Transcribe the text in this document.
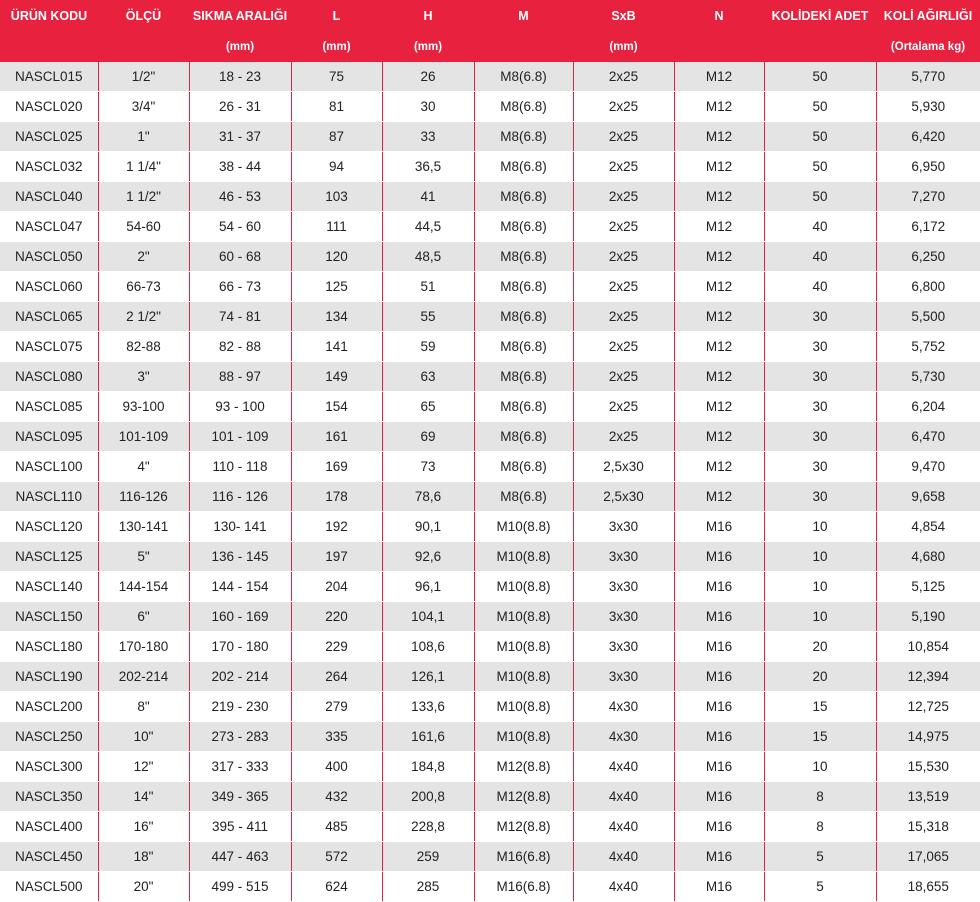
ÜRÜN KODU	ÖLÇÜ	SIKMA ARALIĞI	L	H	M	SxB	N	KOLİDEKİ ADET	KOLİ AĞIRLIĞI
		(mm)	(mm)	(mm)		(mm)			(Ortalama kg)
NASCL015	1/2"	18 - 23	75	26	M8(6.8)	2x25	M12	50	5,770
NASCL020	3/4"	26 - 31	81	30	M8(6.8)	2x25	M12	50	5,930
NASCL025	1"	31 - 37	87	33	M8(6.8)	2x25	M12	50	6,420
NASCL032	1 1/4"	38 - 44	94	36,5	M8(6.8)	2x25	M12	50	6,950
NASCL040	1 1/2"	46 - 53	103	41	M8(6.8)	2x25	M12	50	7,270
NASCL047	54-60	54 - 60	111	44,5	M8(6.8)	2x25	M12	40	6,172
NASCL050	2"	60 - 68	120	48,5	M8(6.8)	2x25	M12	40	6,250
NASCL060	66-73	66 - 73	125	51	M8(6.8)	2x25	M12	40	6,800
NASCL065	2 1/2"	74 - 81	134	55	M8(6.8)	2x25	M12	30	5,500
NASCL075	82-88	82 - 88	141	59	M8(6.8)	2x25	M12	30	5,752
NASCL080	3"	88 - 97	149	63	M8(6.8)	2x25	M12	30	5,730
NASCL085	93-100	93 - 100	154	65	M8(6.8)	2x25	M12	30	6,204
NASCL095	101-109	101 - 109	161	69	M8(6.8)	2x25	M12	30	6,470
NASCL100	4"	110 - 118	169	73	M8(6.8)	2,5x30	M12	30	9,470
NASCL110	116-126	116 - 126	178	78,6	M8(6.8)	2,5x30	M12	30	9,658
NASCL120	130-141	130- 141	192	90,1	M10(8.8)	3x30	M16	10	4,854
NASCL125	5"	136 - 145	197	92,6	M10(8.8)	3x30	M16	10	4,680
NASCL140	144-154	144 - 154	204	96,1	M10(8.8)	3x30	M16	10	5,125
NASCL150	6"	160 - 169	220	104,1	M10(8.8)	3x30	M16	10	5,190
NASCL180	170-180	170 - 180	229	108,6	M10(8.8)	3x30	M16	20	10,854
NASCL190	202-214	202 - 214	264	126,1	M10(8.8)	3x30	M16	20	12,394
NASCL200	8"	219 - 230	279	133,6	M10(8.8)	4x30	M16	15	12,725
NASCL250	10"	273 - 283	335	161,6	M10(8.8)	4x30	M16	15	14,975
NASCL300	12"	317 - 333	400	184,8	M12(8.8)	4x40	M16	10	15,530
NASCL350	14"	349 - 365	432	200,8	M12(8.8)	4x40	M16	8	13,519
NASCL400	16"	395 - 411	485	228,8	M12(8.8)	4x40	M16	8	15,318
NASCL450	18"	447 - 463	572	259	M16(6.8)	4x40	M16	5	17,065
NASCL500	20"	499 - 515	624	285	M16(6.8)	4x40	M16	5	18,655
